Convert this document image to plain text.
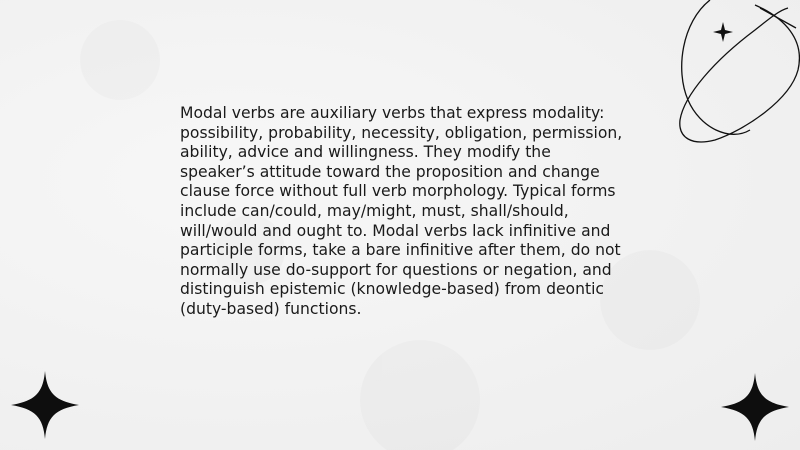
Modal verbs are auxiliary verbs that express modality: possibility, probability, necessity, obligation, permission, ability, advice and willingness. They modify the speaker’s attitude toward the proposition and change clause force without full verb morphology. Typical forms include can/could, may/might, must, shall/should, will/would and ought to. Modal verbs lack infinitive and participle forms, take a bare infinitive after them, do not normally use do-support for questions or negation, and distinguish epistemic (knowledge-based) from deontic (duty-based) functions.
